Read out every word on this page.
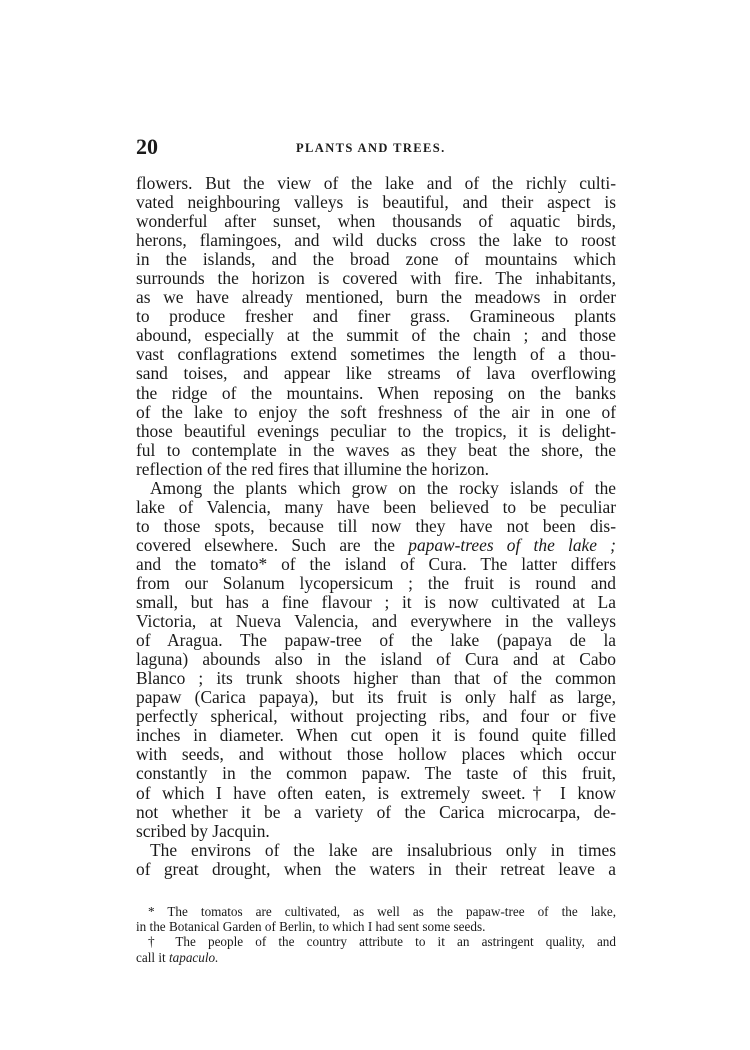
20	PLANTS AND TREES.
flowers. But the view of the lake and of the richly culti-
vated neighbouring valleys is beautiful, and their aspect is
wonderful after sunset, when thousands of aquatic birds,
herons, flamingoes, and wild ducks cross the lake to roost
in the islands, and the broad zone of mountains which
surrounds the horizon is covered with fire. The inhabitants,
as we have already mentioned, burn the meadows in order
to produce fresher and finer grass. Gramineous plants
abound, especially at the summit of the chain ; and those
vast conflagrations extend sometimes the length of a thou-
sand toises, and appear like streams of lava overflowing
the ridge of the mountains. When reposing on the banks
of the lake to enjoy the soft freshness of the air in one of
those beautiful evenings peculiar to the tropics, it is delight-
ful to contemplate in the waves as they beat the shore, the
reflection of the red fires that illumine the horizon.
Among the plants which grow on the rocky islands of the
lake of Valencia, many have been believed to be peculiar
to those spots, because till now they have not been dis-
covered elsewhere. Such are the papaw-trees of the lake ;
and the tomato* of the island of Cura. The latter differs
from our Solanum lycopersicum ; the fruit is round and
small, but has a fine flavour ; it is now cultivated at La
Victoria, at Nueva Valencia, and everywhere in the valleys
of Aragua. The papaw-tree of the lake (papaya de la
laguna) abounds also in the island of Cura and at Cabo
Blanco ; its trunk shoots higher than that of the common
papaw (Carica papaya), but its fruit is only half as large,
perfectly spherical, without projecting ribs, and four or five
inches in diameter. When cut open it is found quite filled
with seeds, and without those hollow places which occur
constantly in the common papaw. The taste of this fruit,
of which I have often eaten, is extremely sweet.† I know
not whether it be a variety of the Carica microcarpa, de-
scribed by Jacquin.
The environs of the lake are insalubrious only in times
of great drought, when the waters in their retreat leave a
* The tomatos are cultivated, as well as the papaw-tree of the lake,
in the Botanical Garden of Berlin, to which I had sent some seeds.
† The people of the country attribute to it an astringent quality, and
call it tapaculo.
